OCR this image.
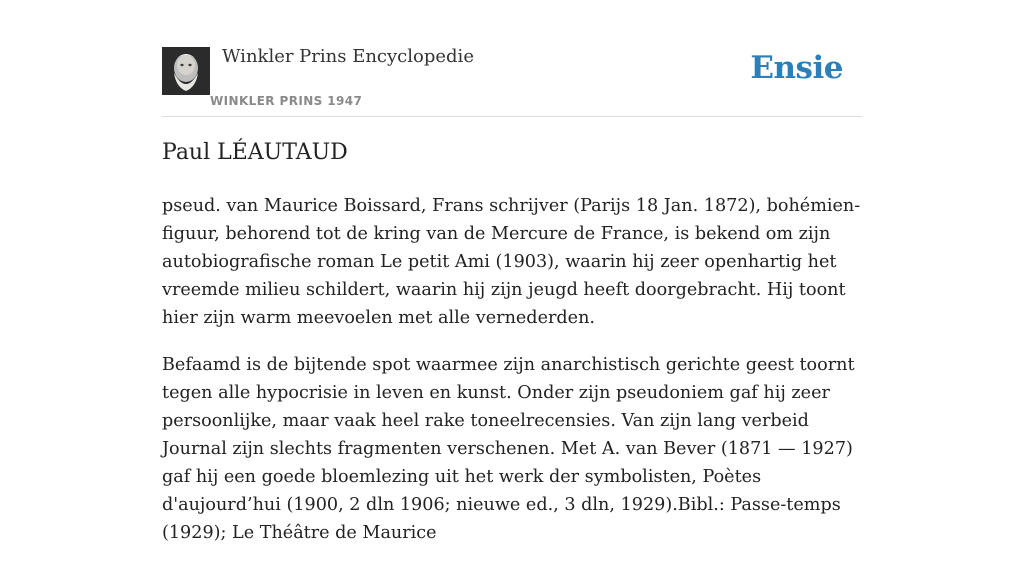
Winkler Prins Encyclopedie
WINKLER PRINS 1947
Ensie
Paul LÉAUTAUD

pseud. van Maurice Boissard, Frans schrijver (Parijs 18 Jan. 1872), bohémien-figuur, behorend tot de kring van de Mercure de France, is bekend om zijn autobiografische roman Le petit Ami (1903), waarin hij zeer openhartig het vreemde milieu schildert, waarin hij zijn jeugd heeft doorgebracht. Hij toont hier zijn warm meevoelen met alle vernederden.

Befaamd is de bijtende spot waarmee zijn anarchistisch gerichte geest toornt tegen alle hypocrisie in leven en kunst. Onder zijn pseudoniem gaf hij zeer persoonlijke, maar vaak heel rake toneelrecensies. Van zijn lang verbeid Journal zijn slechts fragmenten verschenen. Met A. van Bever (1871 — 1927) gaf hij een goede bloemlezing uit het werk der symbolisten, Poètes d'aujourd’hui (1900, 2 dln 1906; nieuwe ed., 3 dln, 1929).Bibl.: Passe-temps (1929); Le Théâtre de Maurice
